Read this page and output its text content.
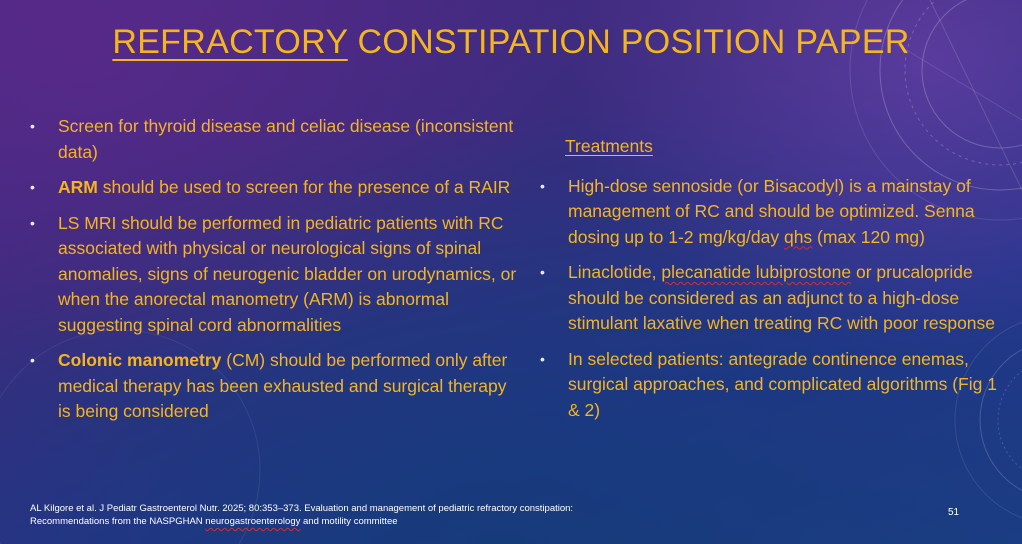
REFRACTORY CONSTIPATION POSITION PAPER
•	Screen for thyroid disease and celiac disease (inconsistent data)
•	ARM should be used to screen for the presence of a RAIR
•	LS MRI should be performed in pediatric patients with RC associated with physical or neurological signs of spinal anomalies, signs of neurogenic bladder on urodynamics, or when the anorectal manometry (ARM) is abnormal suggesting spinal cord abnormalities
•	Colonic manometry (CM) should be performed only after medical therapy has been exhausted and surgical therapy is being considered
Treatments
•	High-dose sennoside (or Bisacodyl) is a mainstay of management of RC and should be optimized. Senna dosing up to 1-2 mg/kg/day qhs (max 120 mg)
•	Linaclotide, plecanatide lubiprostone or prucalopride should be considered as an adjunct to a high-dose stimulant laxative when treating RC with poor response
•	In selected patients: antegrade continence enemas, surgical approaches, and complicated algorithms (Fig 1 & 2)
AL Kilgore et al. J Pediatr Gastroenterol Nutr. 2025; 80:353–373. Evaluation and management of pediatric refractory constipation:
Recommendations from the NASPGHAN neurogastroenterology and motility committee
51
